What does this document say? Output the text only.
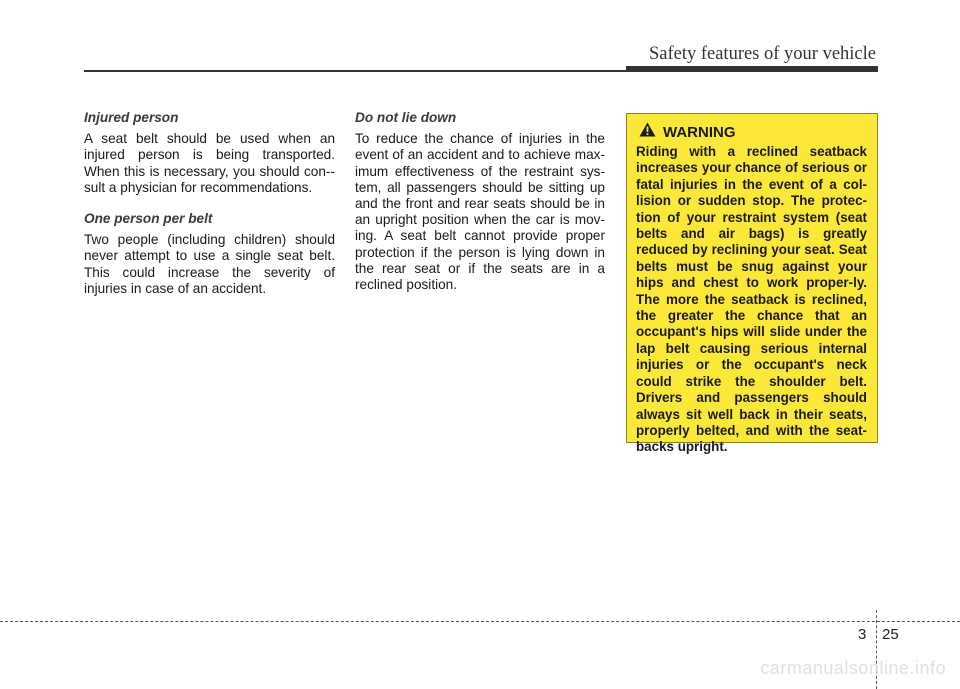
Safety features of your vehicle
Injured person

A seat belt should be used when an injured person is being transported. When this is necessary, you should con-sult a physician for recommendations.

One person per belt

Two people (including children) should never attempt to use a single seat belt. This could increase the severity of injuries in case of an accident.

Do not lie down

To reduce the chance of injuries in the event of an accident and to achieve max-imum effectiveness of the restraint sys-tem, all passengers should be sitting up and the front and rear seats should be in an upright position when the car is mov-ing. A seat belt cannot provide proper protection if the person is lying down in the rear seat or if the seats are in a reclined position.

WARNING

Riding with a reclined seatback increases your chance of serious or fatal injuries in the event of a col-lision or sudden stop. The protec-tion of your restraint system (seat belts and air bags) is greatly reduced by reclining your seat. Seat belts must be snug against your hips and chest to work proper-ly. The more the seatback is reclined, the greater the chance that an occupant's hips will slide under the lap belt causing serious internal injuries or the occupant's neck could strike the shoulder belt. Drivers and passengers should always sit well back in their seats, properly belted, and with the seat-backs upright.

3 25
carmanualsonline.info
